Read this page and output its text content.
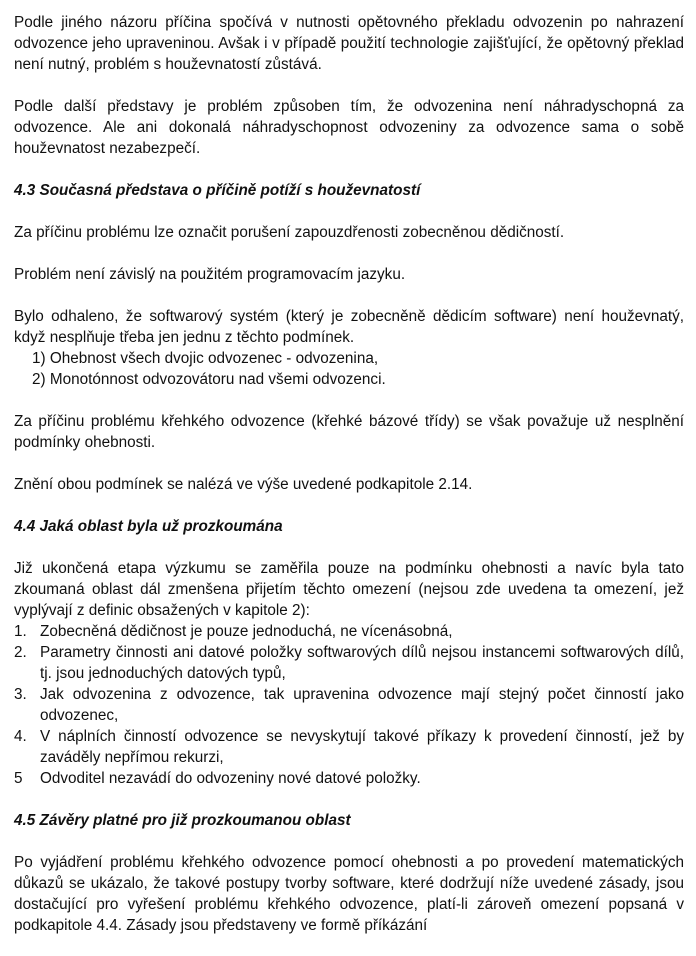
Podle jiného názoru příčina spočívá v nutnosti opětovného překladu odvozenin po nahrazení odvozence jeho upraveninou. Avšak i v případě použití technologie zajišťující, že opětovný překlad není nutný, problém s houževnatostí zůstává.

Podle další představy je problém způsoben tím, že odvozenina není náhradyschopná za odvozence. Ale ani dokonalá náhradyschopnost odvozeniny za odvozence sama o sobě houževnatost nezabezpečí.

4.3 Současná představa o příčině potíží s houževnatostí

Za příčinu problému lze označit porušení zapouzdřenosti zobecněnou dědičností.

Problém není závislý na použitém programovacím jazyku.

Bylo odhaleno, že softwarový systém (který je zobecněně dědicím software) není houževnatý, když nesplňuje třeba jen jednu z těchto podmínek.

1) Ohebnost všech dvojic odvozenec - odvozenina,

2) Monotónnost odvozovátoru nad všemi odvozenci.

Za příčinu problému křehkého odvozence (křehké bázové třídy) se však považuje už nesplnění podmínky ohebnosti.

Znění obou podmínek se nalézá ve výše uvedené podkapitole 2.14.

4.4 Jaká oblast byla už prozkoumána

Již ukončená etapa výzkumu se zaměřila pouze na podmínku ohebnosti a navíc byla tato zkoumaná oblast dál zmenšena přijetím těchto omezení (nejsou zde uvedena ta omezení, jež vyplývají z definic obsažených v kapitole 2):

1. Zobecněná dědičnost je pouze jednoduchá, ne vícenásobná,
2. Parametry činnosti ani datové položky softwarových dílů nejsou instancemi softwarových dílů, tj. jsou jednoduchých datových typů,
3. Jak odvozenina z odvozence, tak upravenina odvozence mají stejný počet činností jako odvozenec,
4. V náplních činností odvozence se nevyskytují takové příkazy k provedení činností, jež by zaváděly nepřímou rekurzi,
5	Odvoditel nezavádí do odvozeniny nové datové položky.

4.5 Závěry platné pro již prozkoumanou oblast

Po vyjádření problému křehkého odvozence pomocí ohebnosti a po provedení matematických důkazů se ukázalo, že takové postupy tvorby software, které dodržují níže uvedené zásady, jsou dostačující pro vyřešení problému křehkého odvozence, platí-li zároveň omezení popsaná v podkapitole 4.4. Zásady jsou představeny ve formě příkázání
